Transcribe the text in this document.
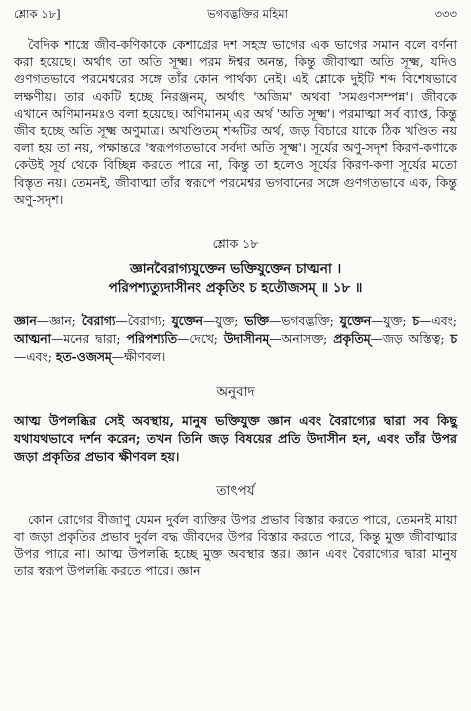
শ্লোক ১৮]	ভগবদ্ভক্তির মহিমা	৩৩৩

বৈদিক শাস্ত্রে জীব-কণিকাকে কেশাগ্রের দশ সহস্র ভাগের এক ভাগের সমান বলে বর্ণনা করা হয়েছে। অর্থাৎ তা অতি সূক্ষ্ম। পরম ঈশ্বর অনন্ত, কিন্তু জীবাত্মা অতি সূক্ষ্ম, যদিও গুণগতভাবে পরমেশ্বরের সঙ্গে তাঁর কোন পার্থক্য নেই। এই শ্লোকে দুইটি শব্দ বিশেষভাবে লক্ষণীয়। তার একটি হচ্ছে নিরঞ্জনম্, অর্থাৎ 'অজিম' অথবা 'সমগুণসম্পন্ন'। জীবকে এখানে অণিমানমঃও বলা হয়েছে। অণিমানম্ এর অর্থ 'অতি সূক্ষ্ম'। পরমাত্মা সর্ব ব্যাপ্ত, কিন্তু জীব হচ্ছে অতি সূক্ষ্ম অণুমাত্র। অখণ্ডিতম্ শব্দটির অর্থ, জড় বিচারে যাকে ঠিক খণ্ডিত নয় বলা হয় তা নয়, পক্ষান্তরে 'স্বরূপগতভাবে সর্বদা অতি সূক্ষ্ম'। সূর্যের অণু-সদৃশ কিরণ-কণাকে কেউই সূর্য থেকে বিচ্ছিন্ন করতে পারে না, কিন্তু তা হলেও সূর্যের কিরণ-কণা সূর্যের মতো বিস্তৃত নয়। তেমনই, জীবাত্মা তাঁর স্বরূপে পরমেশ্বর ভগবানের সঙ্গে গুণগতভাবে এক, কিন্তু অণু-সদৃশ।

শ্লোক ১৮
জ্ঞানবৈরাগ্যযুক্তেন ভক্তিযুক্তেন চাত্মনা ।
পরিপশ্যত্যুদাসীনং প্রকৃতিং চ হতৌজসম্ ॥ ১৮ ॥

জ্ঞান—জ্ঞান; বৈরাগ্য—বৈরাগ্য; যুক্তেন—যুক্ত; ভক্তি—ভগবদ্ভক্তি; যুক্তেন—যুক্ত; চ—এবং; আত্মনা—মনের দ্বারা; পরিপশ্যতি—দেখে; উদাসীনম্—অনাসক্ত; প্রকৃতিম্—জড় অস্তিত্ব; চ—এবং; হত-ওজসম্—ক্ষীণবল।

অনুবাদ

আত্ম উপলব্ধির সেই অবস্থায়, মানুষ ভক্তিযুক্ত জ্ঞান এবং বৈরাগ্যের দ্বারা সব কিছু যথাযথভাবে দর্শন করেন; তখন তিনি জড় বিষয়ের প্রতি উদাসীন হন, এবং তাঁর উপর জড়া প্রকৃতির প্রভাব ক্ষীণবল হয়।

তাৎপর্য

কোন রোগের বীজাণু যেমন দুর্বল ব্যক্তির উপর প্রভাব বিস্তার করতে পারে, তেমনই মায়া বা জড়া প্রকৃতির প্রভাব দুর্বল বদ্ধ জীবদের উপর বিস্তার করতে পারে, কিন্তু মুক্ত জীবাত্মার উপর পারে না। আত্ম উপলব্ধি হচ্ছে মুক্ত অবস্থার স্তর। জ্ঞান এবং বৈরাগ্যের দ্বারা মানুষ তার স্বরূপ উপলব্ধি করতে পারে। জ্ঞান
